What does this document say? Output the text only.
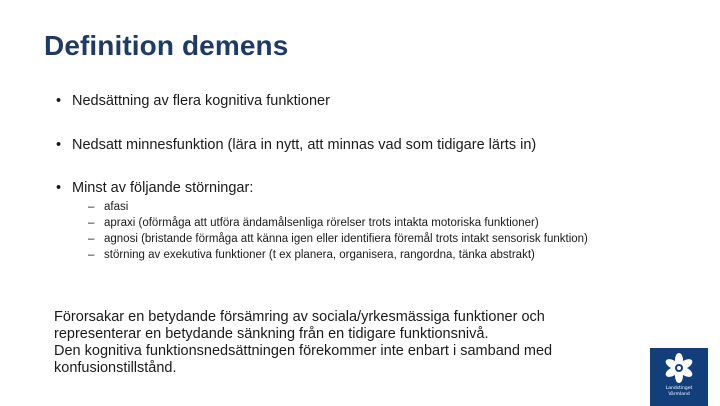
Definition demens
• Nedsättning av flera kognitiva funktioner
• Nedsatt minnesfunktion (lära in nytt, att minnas vad som tidigare lärts in)
• Minst av följande störningar:
– afasi
– apraxi (oförmåga att utföra ändamålsenliga rörelser trots intakta motoriska funktioner)
– agnosi (bristande förmåga att känna igen eller identifiera föremål trots intakt sensorisk funktion)
– störning av exekutiva funktioner (t ex planera, organisera, rangordna, tänka abstrakt)
Förorsakar en betydande försämring av sociala/yrkesmässiga funktioner och
representerar en betydande sänkning från en tidigare funktionsnivå.
Den kognitiva funktionsnedsättningen förekommer inte enbart i samband med
konfusionstillstånd.
Landstinget
Värmland
